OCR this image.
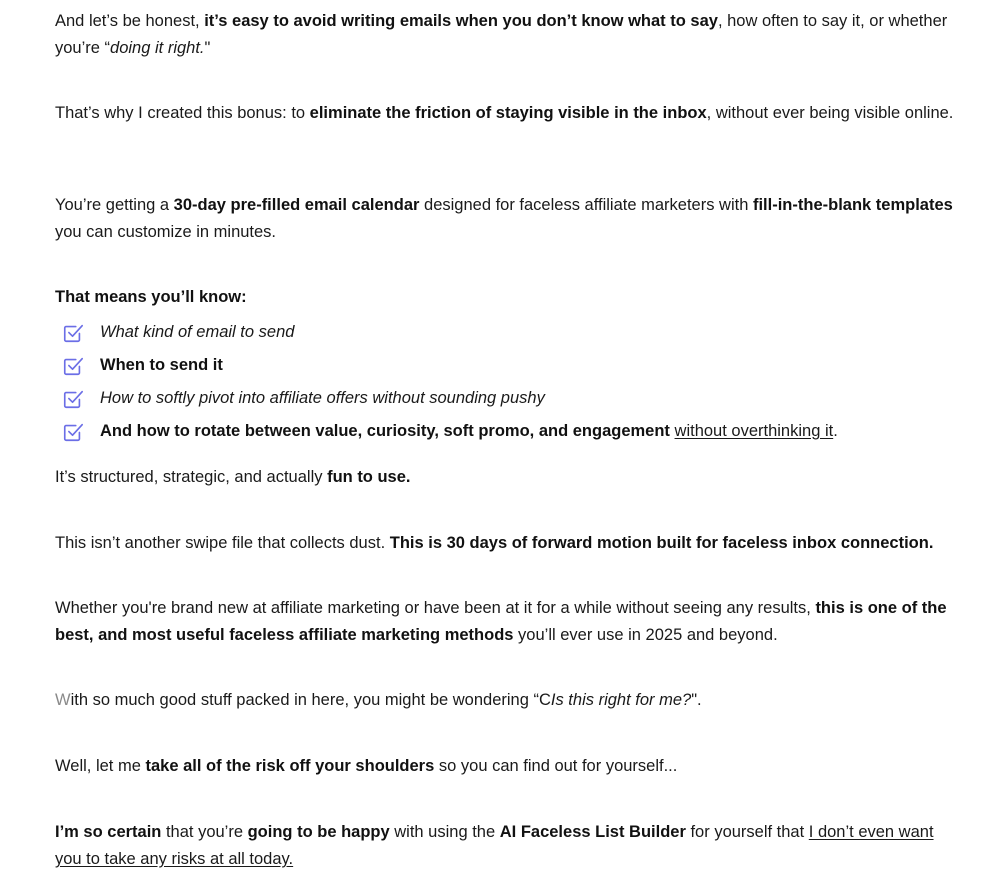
And let’s be honest, it’s easy to avoid writing emails when you don’t know what to say, how often to say it, or whether you’re “doing it right."

That’s why I created this bonus: to eliminate the friction of staying visible in the inbox, without ever being visible online.

You’re getting a 30-day pre-filled email calendar designed for faceless affiliate marketers with fill-in-the-blank templates you can customize in minutes.

That means you’ll know:

What kind of email to send
When to send it
How to softly pivot into affiliate offers without sounding pushy
And how to rotate between value, curiosity, soft promo, and engagement without overthinking it.

It’s structured, strategic, and actually fun to use.

This isn’t another swipe file that collects dust. This is 30 days of forward motion built for faceless inbox connection.

Whether you're brand new at affiliate marketing or have been at it for a while without seeing any results, this is one of the best, and most useful faceless affiliate marketing methods you’ll ever use in 2025 and beyond.

With so much good stuff packed in here, you might be wondering “CIs this right for me?".

Well, let me take all of the risk off your shoulders so you can find out for yourself...

I’m so certain that you’re going to be happy with using the AI Faceless List Builder for yourself that I don’t even want you to take any risks at all today.
